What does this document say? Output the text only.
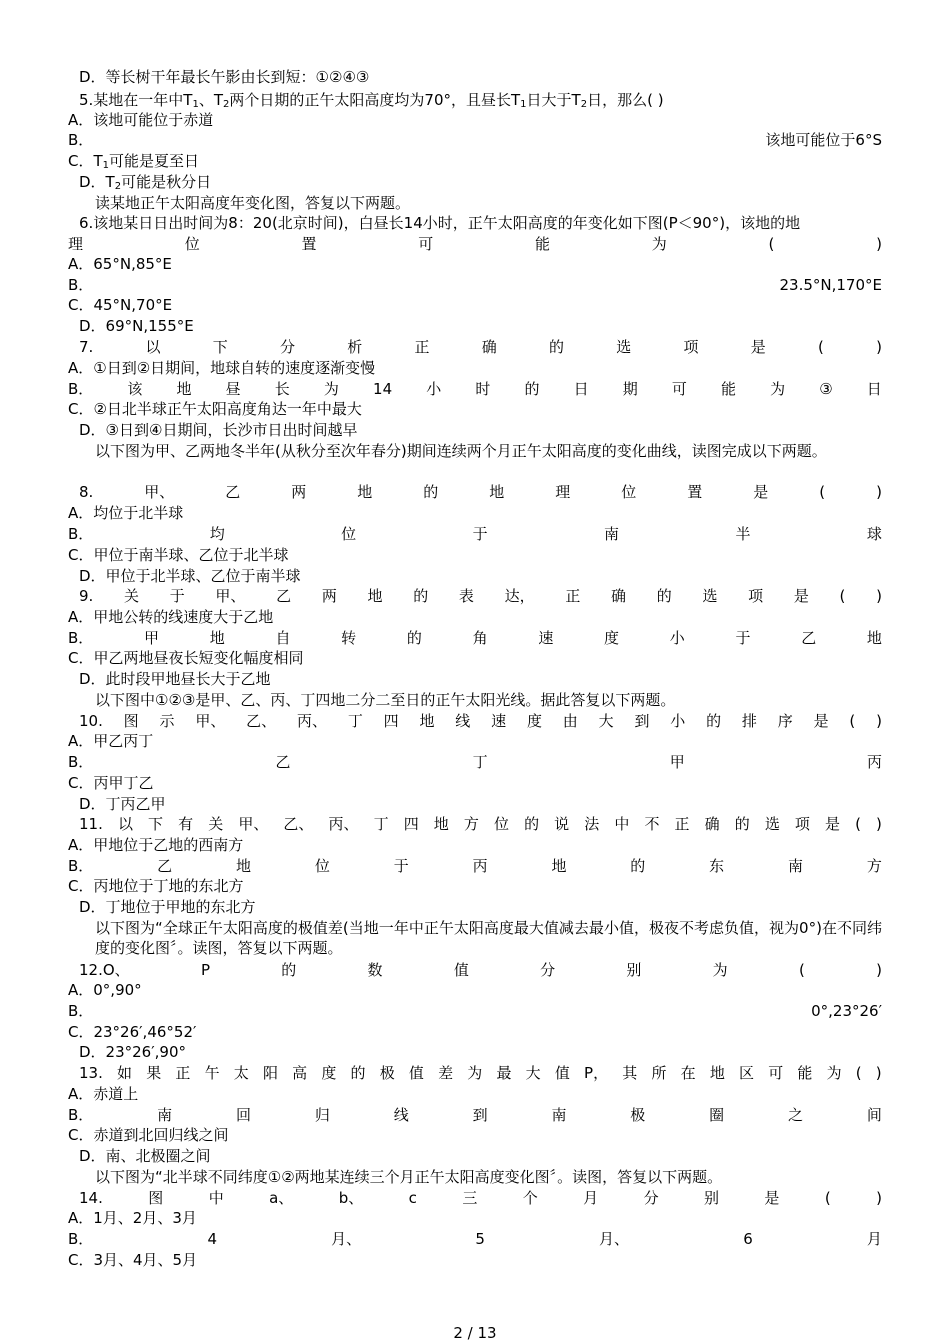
D．等长树干年最长午影由长到短：①②④③
5.某地在一年中$T_1$、$T_2$两个日期的正午太阳高度均为70°，且昼长$T_1$日大于$T_2$日，那么( )
A．该地可能位于赤道
B．	该地可能位于6°S
C．$T_1$可能是夏至日
D．$T_2$可能是秋分日
读某地正午太阳高度年变化图，答复以下两题。
6.该地某日日出时间为8：20(北京时间)，白昼长14小时，正午太阳高度的年变化如下图(P＜90°)，该地的地
理	位	置	可	能	为	(	)
A．65°N,85°E
B．	23.5°N,170°E
C．45°N,70°E
D．69°N,155°E
7.	以	下	分	析	正	确	的	选	项	是	(	)
A．①日到②日期间，地球自转的速度逐渐变慢
B． 该 地 昼 长 为 14 小 时 的 日 期 可 能 为 ③ 日
C．②日北半球正午太阳高度角达一年中最大
D．③日到④日期间，长沙市日出时间越早
以下图为甲、乙两地冬半年(从秋分至次年春分)期间连续两个月正午太阳高度的变化曲线，读图完成以下两题。
8.	甲、	乙	两	地	的	地	理	位	置	是	(	)
A．均位于北半球
B．	均	位	于	南	半	球
C．甲位于南半球、乙位于北半球
D．甲位于北半球、乙位于南半球
9. 关 于 甲、 乙 两 地 的 表 达， 正 确 的 选 项 是 ( )
A．甲地公转的线速度大于乙地
B．	甲	地	自	转	的	角	速	度	小	于	乙	地
C．甲乙两地昼夜长短变化幅度相同
D．此时段甲地昼长大于乙地
以下图中①②③是甲、乙、丙、丁四地二分二至日的正午太阳光线。据此答复以下两题。
10. 图 示 甲、 乙、 丙、 丁 四 地 线 速 度 由 大 到 小 的 排 序 是 ( )
A．甲乙丙丁
B．	乙	丁	甲	丙
C．丙甲丁乙
D．丁丙乙甲
11. 以 下 有 关 甲、 乙、 丙、 丁 四 地 方 位 的 说 法 中 不 正 确 的 选 项 是 ( )
A．甲地位于乙地的西南方
B．	乙	地	位	于	丙	地	的	东	南	方
C．丙地位于丁地的东北方
D．丁地位于甲地的东北方
以下图为“全球正午太阳高度的极值差(当地一年中正午太阳高度最大值减去最小值，极夜不考虑负值，视为0°)在不同纬度的变化图〞。读图，答复以下两题。
12.O、	P	的	数	值	分	别	为	(	)
A．0°,90°
B．	0°,23°26′
C．23°26′,46°52′
D．23°26′,90°
13. 如 果 正 午 太 阳 高 度 的 极 值 差 为 最 大 值 P， 其 所 在 地 区 可 能 为 ( )
A．赤道上
B．	南	回	归	线	到	南	极	圈	之	间
C．赤道到北回归线之间
D．南、北极圈之间
以下图为“北半球不同纬度①②两地某连续三个月正午太阳高度变化图〞。读图，答复以下两题。
14.	图	中	a、	b、	c	三	个	月	分	别	是	(	)
A．1月、2月、3月
B．	4	月、	5	月、	6	月
C．3月、4月、5月
2 / 13
